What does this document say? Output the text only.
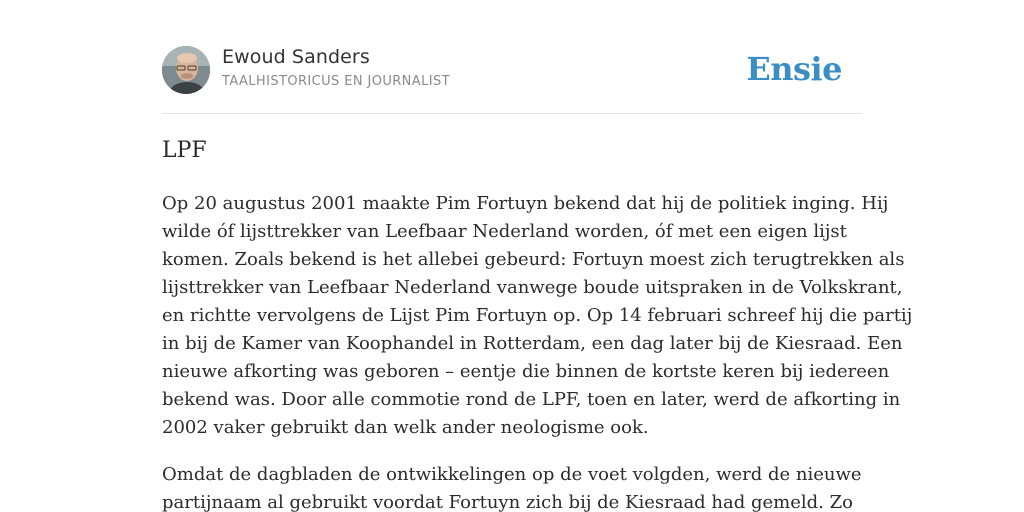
Ewoud Sanders
TAALHISTORICUS EN JOURNALIST	Ensie
LPF

Op 20 augustus 2001 maakte Pim Fortuyn bekend dat hij de politiek inging. Hij
wilde óf lijsttrekker van Leefbaar Nederland worden, óf met een eigen lijst
komen. Zoals bekend is het allebei gebeurd: Fortuyn moest zich terugtrekken als
lijsttrekker van Leefbaar Nederland vanwege boude uitspraken in de Volkskrant,
en richtte vervolgens de Lijst Pim Fortuyn op. Op 14 februari schreef hij die partij
in bij de Kamer van Koophandel in Rotterdam, een dag later bij de Kiesraad. Een
nieuwe afkorting was geboren – eentje die binnen de kortste keren bij iedereen
bekend was. Door alle commotie rond de LPF, toen en later, werd de afkorting in
2002 vaker gebruikt dan welk ander neologisme ook.

Omdat de dagbladen de ontwikkelingen op de voet volgden, werd de nieuwe
partijnaam al gebruikt voordat Fortuyn zich bij de Kiesraad had gemeld. Zo
